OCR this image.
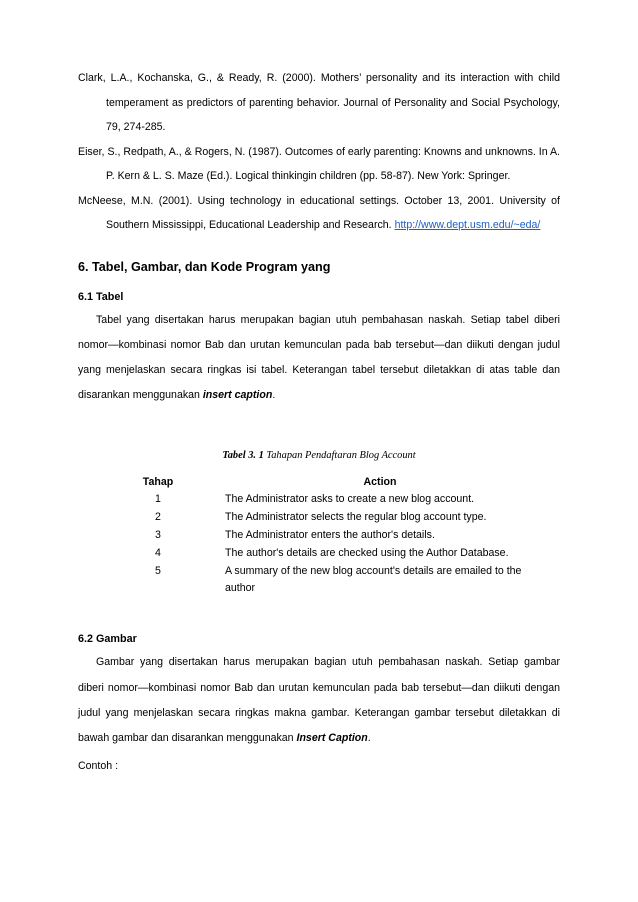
Clark, L.A., Kochanska, G., & Ready, R. (2000). Mothers’ personality and its interaction with child temperament as predictors of parenting behavior. Journal of Personality and Social Psychology, 79, 274-285.

Eiser, S., Redpath, A., & Rogers, N. (1987). Outcomes of early parenting: Knowns and unknowns. In A. P. Kern & L. S. Maze (Ed.). Logical thinkingin children (pp. 58-87). New York: Springer.

McNeese, M.N. (2001). Using technology in educational settings. October 13, 2001. University of Southern Mississippi, Educational Leadership and Research. http://www.dept.usm.edu/~eda/

6. Tabel, Gambar, dan Kode Program yang
6.1 Tabel

Tabel yang disertakan harus merupakan bagian utuh pembahasan naskah. Setiap tabel diberi nomor—kombinasi nomor Bab dan urutan kemunculan pada bab tersebut—dan diikuti dengan judul yang menjelaskan secara ringkas isi tabel. Keterangan tabel tersebut diletakkan di atas table dan disarankan menggunakan insert caption.

Tabel 3. 1 Tahapan Pendaftaran Blog Account
Tahap	Action
1	The Administrator asks to create a new blog account.
2	The Administrator selects the regular blog account type.
3	The Administrator enters the author's details.
4	The author's details are checked using the Author Database.
5	A summary of the new blog account's details are emailed to the author
6.2 Gambar

Gambar yang disertakan harus merupakan bagian utuh pembahasan naskah. Setiap gambar diberi nomor—kombinasi nomor Bab dan urutan kemunculan pada bab tersebut—dan diikuti dengan judul yang menjelaskan secara ringkas makna gambar. Keterangan gambar tersebut diletakkan di bawah gambar dan disarankan menggunakan Insert Caption.

Contoh :
